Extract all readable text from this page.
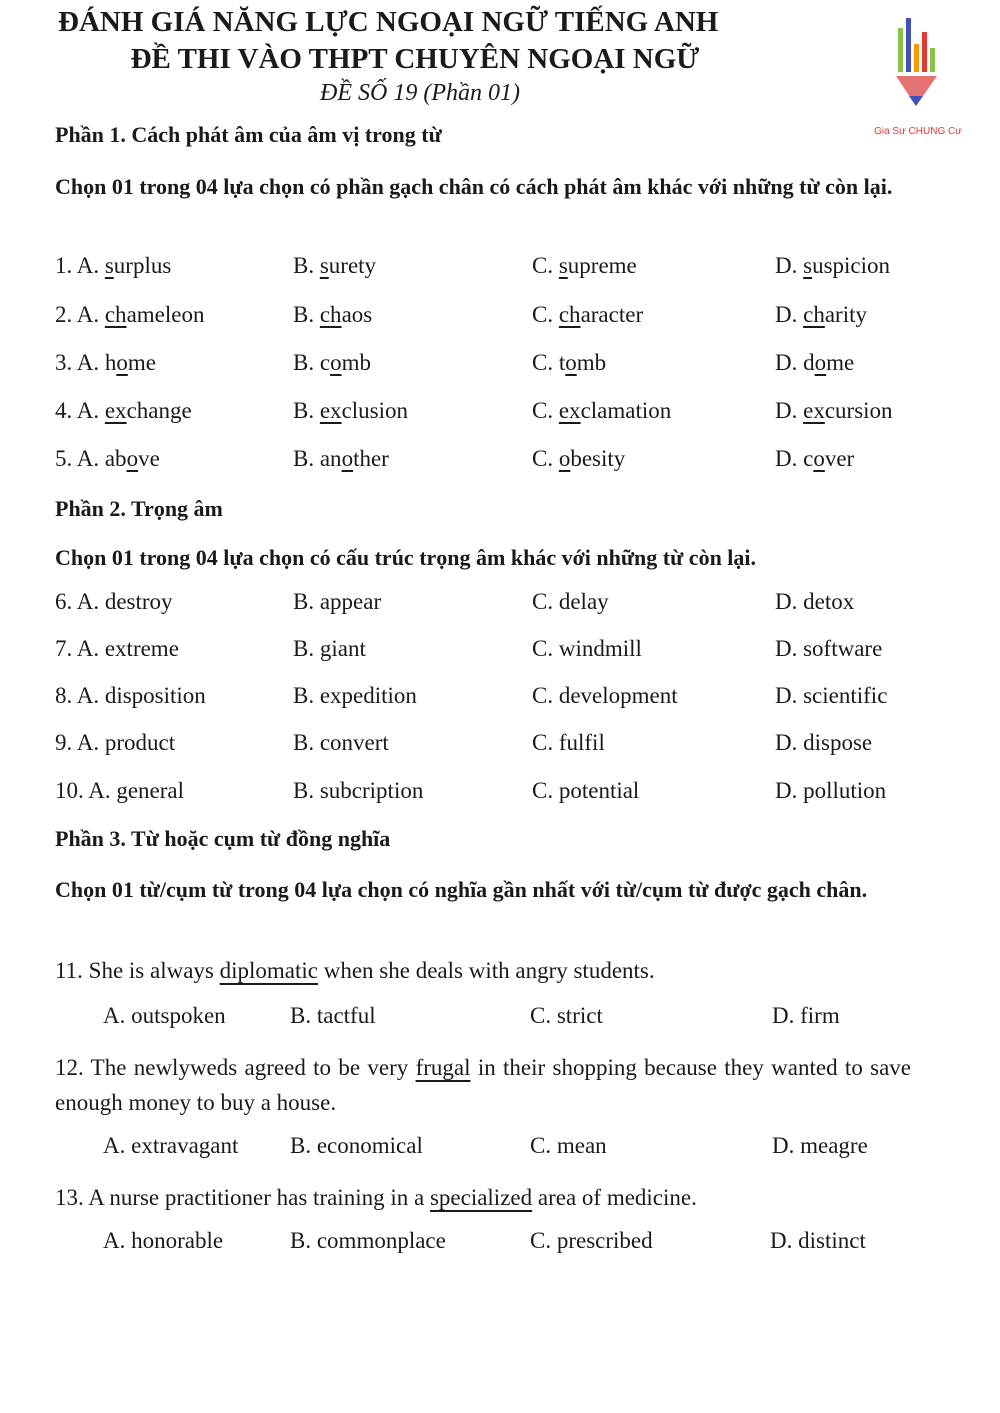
ĐÁNH GIÁ NĂNG LỰC NGOẠI NGỮ TIẾNG ANH
ĐỀ THI VÀO THPT CHUYÊN NGOẠI NGỮ
ĐỀ SỐ 19 (Phần 01)
Gia Sư CHUNG Cư
Phần 1. Cách phát âm của âm vị trong từ
Chọn 01 trong 04 lựa chọn có phần gạch chân có cách phát âm khác với những từ còn lại.
1. A. surplus	B. surety	C. supreme	D. suspicion
2. A. chameleon	B. chaos	C. character	D. charity
3. A. home	B. comb	C. tomb	D. dome
4. A. exchange	B. exclusion	C. exclamation	D. excursion
5. A. above	B. another	C. obesity	D. cover
Phần 2. Trọng âm
Chọn 01 trong 04 lựa chọn có cấu trúc trọng âm khác với những từ còn lại.
6. A. destroy	B. appear	C. delay	D. detox
7. A. extreme	B. giant	C. windmill	D. software
8. A. disposition	B. expedition	C. development	D. scientific
9. A. product	B. convert	C. fulfil	D. dispose
10. A. general	B. subcription	C. potential	D. pollution
Phần 3. Từ hoặc cụm từ đồng nghĩa
Chọn 01 từ/cụm từ trong 04 lựa chọn có nghĩa gần nhất với từ/cụm từ được gạch chân.
11. She is always diplomatic when she deals with angry students.
A. outspoken	B. tactful	C. strict	D. firm
12. The newlyweds agreed to be very frugal in their shopping because they wanted to save enough money to buy a house.
A. extravagant B. economical	C. mean	D. meagre
13. A nurse practitioner has training in a specialized area of medicine.
A. honorable	B. commonplace	C. prescribed	D. distinct
